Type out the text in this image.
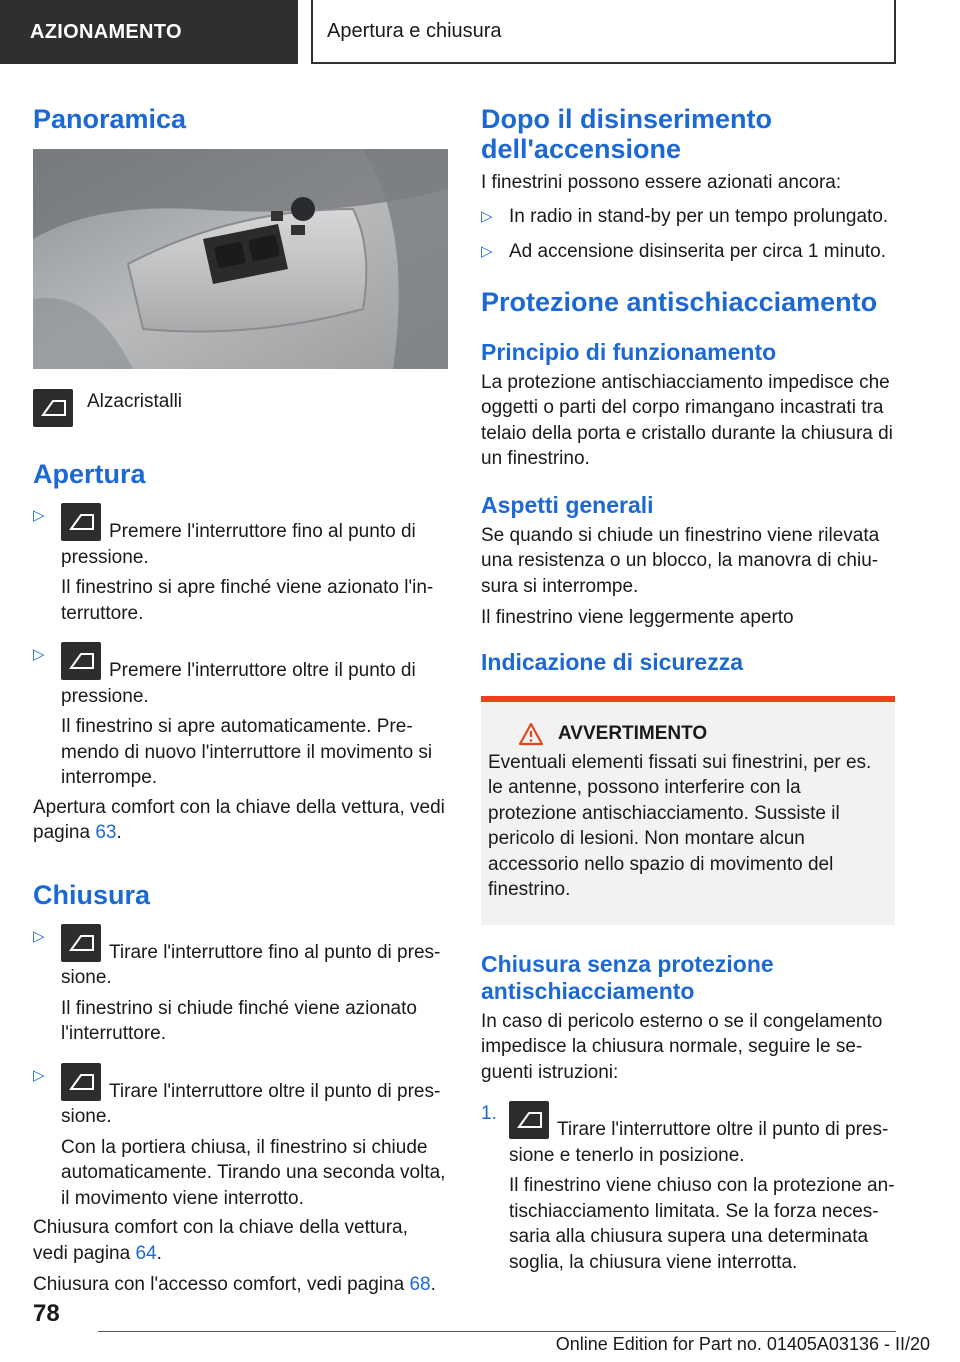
AZIONAMENTO	Apertura e chiusura
Panoramica
Alzacristalli
Apertura
▷

Premere l'interruttore fino al punto di pressione.

Il finestrino si apre finché viene azionato l'interruttore.

▷

Premere l'interruttore oltre il punto di pressione.

Il finestrino si apre automaticamente. Premendo di nuovo l'interruttore il movimento si interrompe.

Apertura comfort con la chiave della vettura, vedi pagina 63.

Chiusura
▷

Tirare l'interruttore fino al punto di pressione.

Il finestrino si chiude finché viene azionato l'interruttore.

▷

Tirare l'interruttore oltre il punto di pressione.

Con la portiera chiusa, il finestrino si chiude automaticamente. Tirando una seconda volta, il movimento viene interrotto.

Chiusura comfort con la chiave della vettura, vedi pagina 64.

Chiusura con l'accesso comfort, vedi pagina 68.

Dopo il disinserimento dell'accensione

I finestrini possono essere azionati ancora:

▷ In radio in stand-by per un tempo prolungato.

▷ Ad accensione disinserita per circa 1 minuto.

Protezione antischiacciamento
Principio di funzionamento

La protezione antischiacciamento impedisce che oggetti o parti del corpo rimangano incastrati tra telaio della porta e cristallo durante la chiusura di un finestrino.

Aspetti generali

Se quando si chiude un finestrino viene rilevata una resistenza o un blocco, la manovra di chiusura si interrompe.

Il finestrino viene leggermente aperto

Indicazione di sicurezza
AVVERTIMENTO

Eventuali elementi fissati sui finestrini, per es. le antenne, possono interferire con la protezione antischiacciamento. Sussiste il pericolo di lesioni. Non montare alcun accessorio nello spazio di movimento del finestrino.

Chiusura senza protezione antischiacciamento

In caso di pericolo esterno o se il congelamento impedisce la chiusura normale, seguire le seguenti istruzioni:

1.

Tirare l'interruttore oltre il punto di pressione e tenerlo in posizione.

Il finestrino viene chiuso con la protezione antischiacciamento limitata. Se la forza necessaria alla chiusura supera una determinata soglia, la chiusura viene interrotta.

78
Online Edition for Part no. 01405A03136 - II/20
